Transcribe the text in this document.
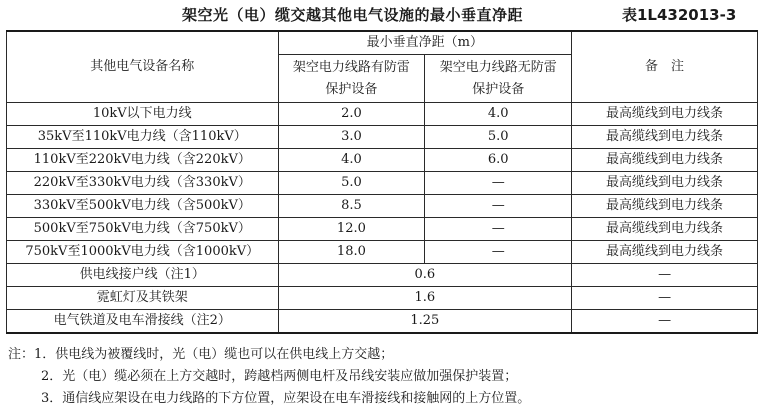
架空光（电）缆交越其他电气设施的最小垂直净距	表1L432013-3
其他电气设备名称	最小垂直净距（m）		备　注
	架空电力线路有防雷保护设备	架空电力线路无防雷保护设备	
10kV以下电力线	2.0	4.0	最高缆线到电力线条
35kV至110kV电力线（含110kV）	3.0	5.0	最高缆线到电力线条
110kV至220kV电力线（含220kV）	4.0	6.0	最高缆线到电力线条
220kV至330kV电力线（含330kV）	5.0	—	最高缆线到电力线条
330kV至500kV电力线（含500kV）	8.5	—	最高缆线到电力线条
500kV至750kV电力线（含750kV）	12.0	—	最高缆线到电力线条
750kV至1000kV电力线（含1000kV）	18.0	—	最高缆线到电力线条
供电线接户线（注1）	0.6		—
霓虹灯及其铁架	1.6		—
电气铁道及电车滑接线（注2）	1.25		—
注：1．供电线为被覆线时，光（电）缆也可以在供电线上方交越；
2．光（电）缆必须在上方交越时，跨越档两侧电杆及吊线安装应做加强保护装置；
3．通信线应架设在电力线路的下方位置，应架设在电车滑接线和接触网的上方位置。
